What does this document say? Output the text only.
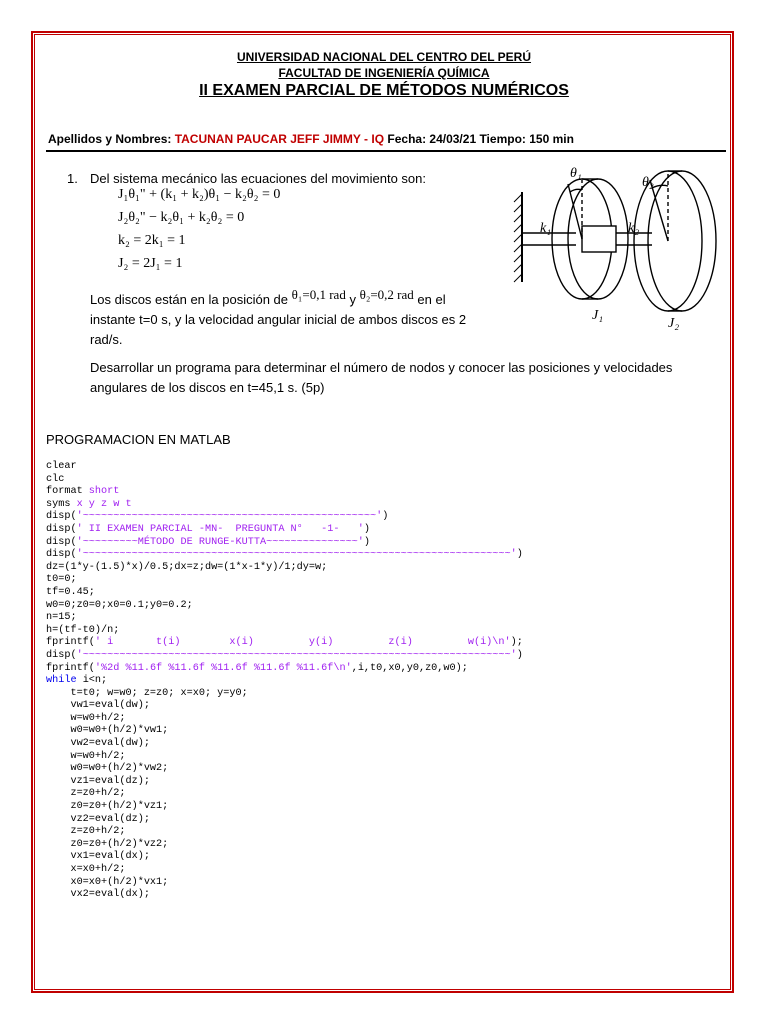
UNIVERSIDAD NACIONAL DEL CENTRO DEL PERÚ
FACULTAD DE INGENIERÍA QUÍMICA
II EXAMEN PARCIAL DE MÉTODOS NUMÉRICOS
Apellidos y Nombres: TACUNAN PAUCAR JEFF JIMMY - IQ Fecha: 24/03/21 Tiempo: 150 min
1. Del sistema mecánico las ecuaciones del movimiento son:
J₁θ₁" + (k₁ + k₂)θ₁ − k₂θ₂ = 0
J₂θ₂" − k₂θ₁ + k₂θ₂ = 0
k₂ = 2k₁ = 1
J₂ = 2J₁ = 1
Los discos están en la posición de θ₁=0,1 rad y θ₂=0,2 rad en el
instante t=0 s, y la velocidad angular inicial de ambos discos es 2
rad/s.
Desarrollar un programa para determinar el número de nodos y conocer las posiciones y velocidades
angulares de los discos en t=45,1 s. (5p)
θ₁
θ₂
k₁	k₂
J₁
J₂
PROGRAMACION EN MATLAB
clear
clc
format short
syms x y z w t
disp('~~~~~~~~~~~~~~~~~~~~~~~~~~~~~~~~~~~~~~~~~~~~~~~~')
disp(' II EXAMEN PARCIAL -MN-  PREGUNTA N°   -1-   ')
disp('~~~~~~~~~MÉTODO DE RUNGE-KUTTA~~~~~~~~~~~~~~~')
disp('~~~~~~~~~~~~~~~~~~~~~~~~~~~~~~~~~~~~~~~~~~~~~~~~~~~~~~~~~~~~~~~~~~~~~~')
dz=(1*y-(1.5)*x)/0.5;dx=z;dw=(1*x-1*y)/1;dy=w;
t0=0;
tf=0.45;
w0=0;z0=0;x0=0.1;y0=0.2;
n=15;
h=(tf-t0)/n;
fprintf(' i       t(i)        x(i)         y(i)         z(i)         w(i)\n');
disp('~~~~~~~~~~~~~~~~~~~~~~~~~~~~~~~~~~~~~~~~~~~~~~~~~~~~~~~~~~~~~~~~~~~~~~')
fprintf('%2d %11.6f %11.6f %11.6f %11.6f %11.6f\n',i,t0,x0,y0,z0,w0);
while i<n;
t=t0; w=w0; z=z0; x=x0; y=y0;
vw1=eval(dw);
w=w0+h/2;
w0=w0+(h/2)*vw1;
vw2=eval(dw);
w=w0+h/2;
w0=w0+(h/2)*vw2;
vz1=eval(dz);
z=z0+h/2;
z0=z0+(h/2)*vz1;
vz2=eval(dz);
z=z0+h/2;
z0=z0+(h/2)*vz2;
vx1=eval(dx);
x=x0+h/2;
x0=x0+(h/2)*vx1;
vx2=eval(dx);
